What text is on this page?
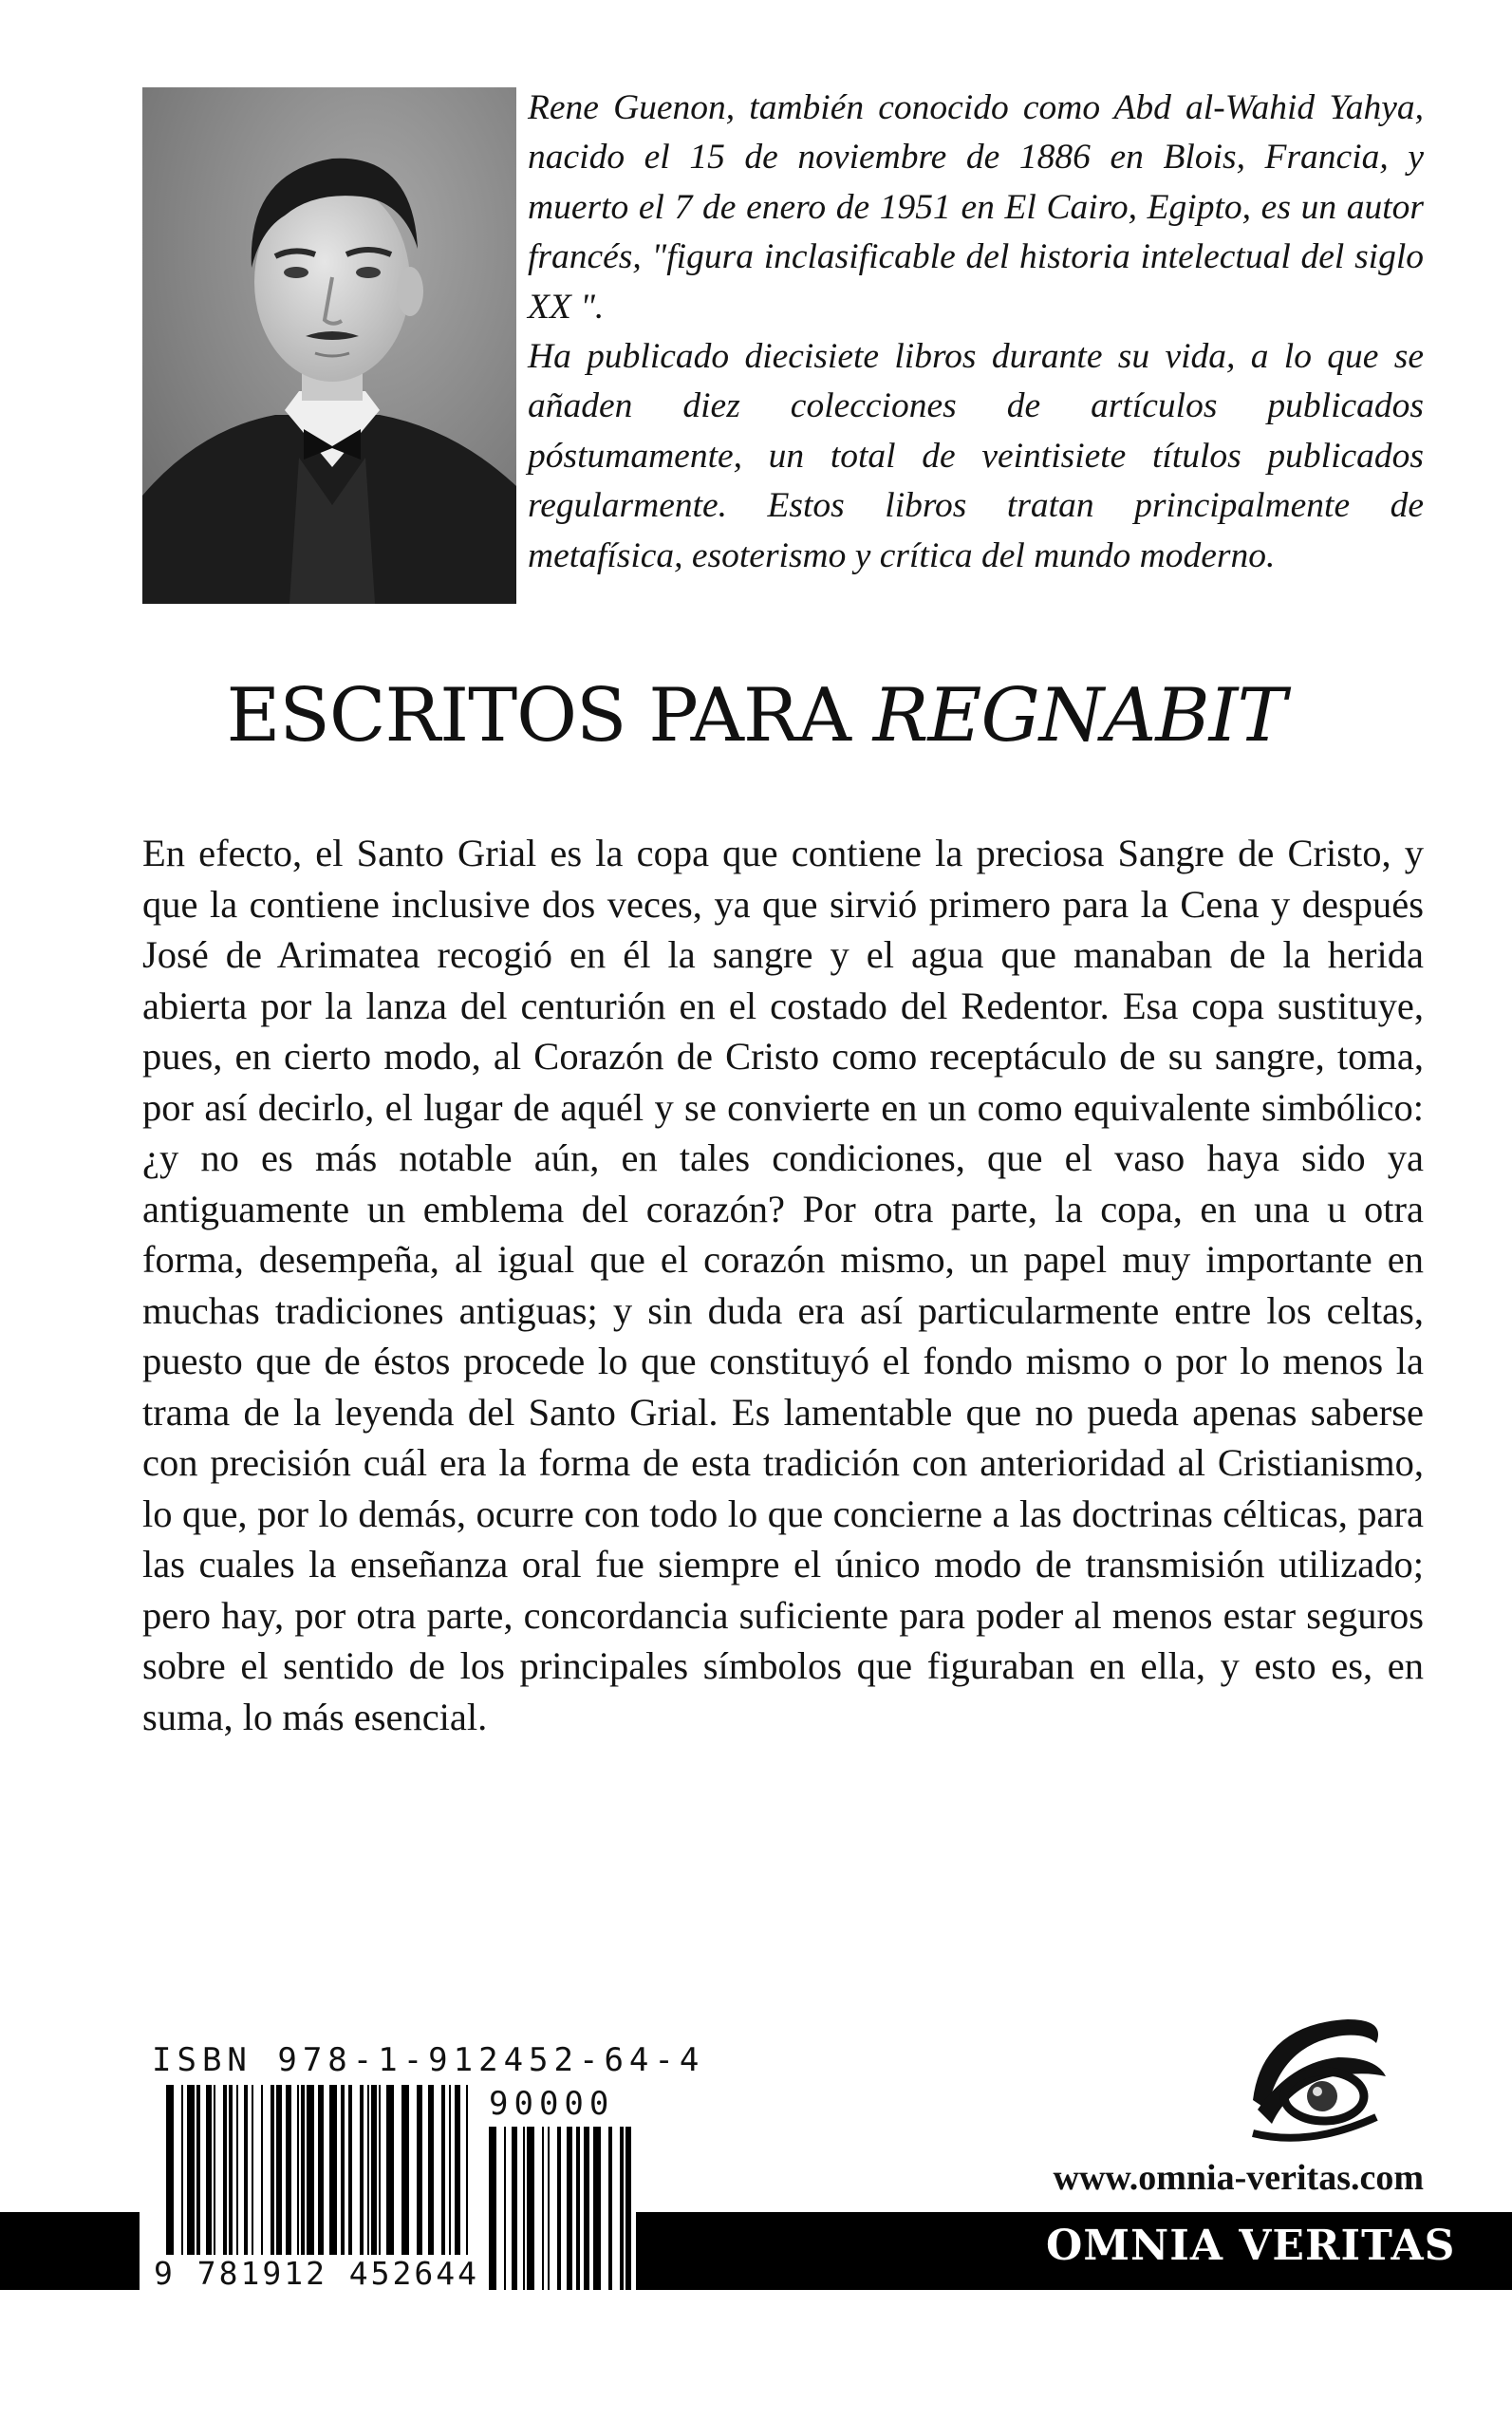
Rene Guenon, también conocido como Abd al-Wahid Yahya, nacido el 15 de noviembre de 1886 en Blois, Francia, y muerto el 7 de enero de 1951 en El Cairo, Egipto, es un autor francés, "figura inclasificable del historia intelectual del siglo XX ".

Ha publicado diecisiete libros durante su vida, a lo que se añaden diez colecciones de artículos publicados póstumamente, un total de veintisiete títulos publicados regularmente. Estos libros tratan principalmente de metafísica, esoterismo y crítica del mundo moderno.

ESCRITOS PARA REGNABIT

En efecto, el Santo Grial es la copa que contiene la preciosa Sangre de Cristo, y que la contiene inclusive dos veces, ya que sirvió primero para la Cena y después José de Arimatea recogió en él la sangre y el agua que manaban de la herida abierta por la lanza del centurión en el costado del Redentor. Esa copa sustituye, pues, en cierto modo, al Corazón de Cristo como receptáculo de su sangre, toma, por así decirlo, el lugar de aquél y se convierte en un como equivalente simbólico: ¿y no es más notable aún, en tales condiciones, que el vaso haya sido ya antiguamente un emblema del corazón? Por otra parte, la copa, en una u otra forma, desempeña, al igual que el corazón mismo, un papel muy importante en muchas tradiciones antiguas; y sin duda era así particularmente entre los celtas, puesto que de éstos procede lo que constituyó el fondo mismo o por lo menos la trama de la leyenda del Santo Grial. Es lamentable que no pueda apenas saberse con precisión cuál era la forma de esta tradición con anterioridad al Cristianismo, lo que, por lo demás, ocurre con todo lo que concierne a las doctrinas célticas, para las cuales la enseñanza oral fue siempre el único modo de transmisión utilizado; pero hay, por otra parte, concordancia suficiente para poder al menos estar seguros sobre el sentido de los principales símbolos que figuraban en ella, y esto es, en suma, lo más esencial.

ISBN 978-1-912452-64-4
90000
9 781912 452644
www.omnia-veritas.com
OMNIA VERITAS
